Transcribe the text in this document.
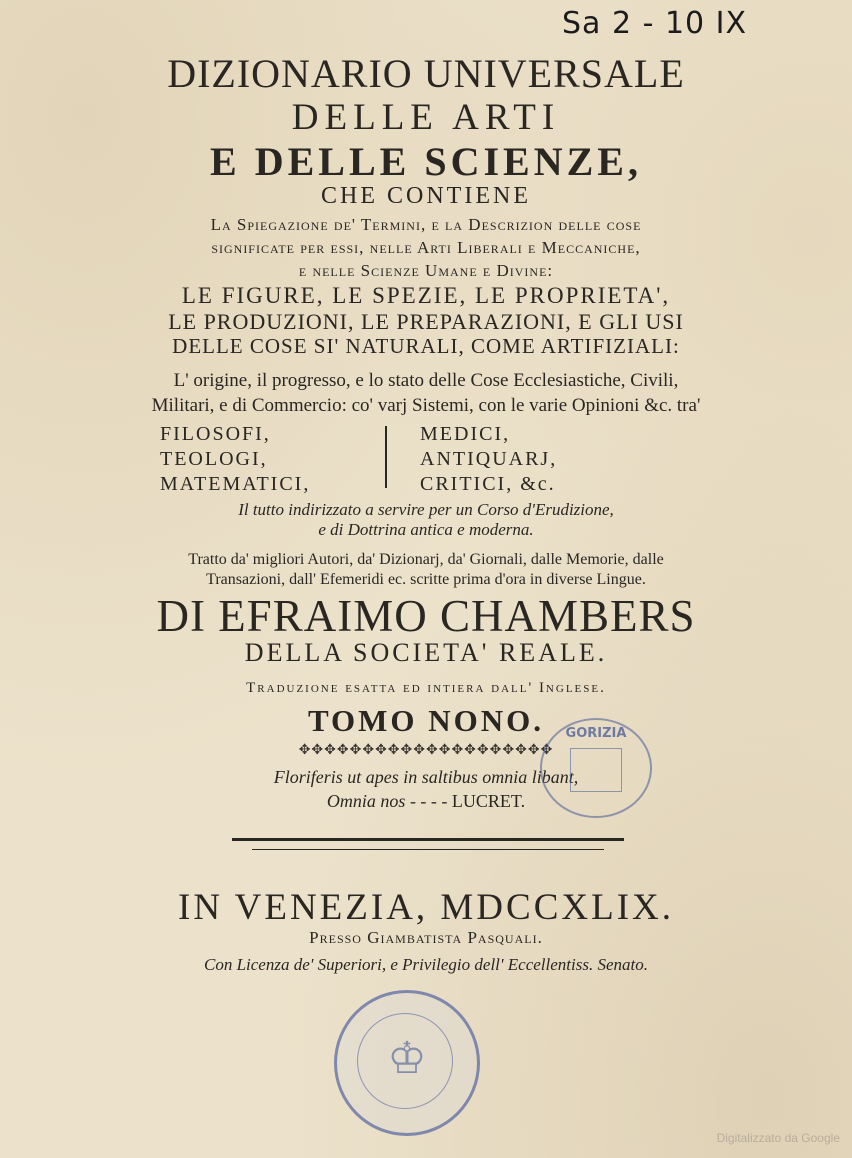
Sa 2 - 10 IX
DIZIONARIO UNIVERSALE
DELLE ARTI
E DELLE SCIENZE,
CHE CONTIENE
La Spiegazione de' Termini, e la Descrizion delle cose
significate per essi, nelle Arti Liberali e Meccaniche,
e nelle Scienze Umane e Divine:
LE FIGURE, LE SPEZIE, LE PROPRIETA',
LE PRODUZIONI, LE PREPARAZIONI, E GLI USI
DELLE COSE SI' NATURALI, COME ARTIFIZIALI:
L' origine, il progresso, e lo stato delle Cose Ecclesiastiche, Civili,
Militari, e di Commercio: co' varj Sistemi, con le varie Opinioni &c. tra'
FILOSOFI,
TEOLOGI,
MATEMATICI,
MEDICI,
ANTIQUARJ,
CRITICI, &c.
Il tutto indirizzato a servire per un Corso d'Erudizione,
e di Dottrina antica e moderna.
Tratto da' migliori Autori, da' Dizionarj, da' Giornali, dalle Memorie, dalle
Transazioni, dall' Efemeridi ec. scritte prima d'ora in diverse Lingue.
DI EFRAIMO CHAMBERS
DELLA SOCIETA' REALE.
Traduzione esatta ed intiera dall' Inglese.
TOMO NONO.
✥✥✥✥✥✥✥✥✥✥✥✥✥✥✥✥✥✥✥✥
Floriferis ut apes in saltibus omnia libant,
Omnia nos - - - - LUCRET.
IN VENEZIA, MDCCXLIX.
Presso Giambatista Pasquali.
Con Licenza de' Superiori, e Privilegio dell' Eccellentiss. Senato.
GORIZIA
♔
Digitalizzato da Google
